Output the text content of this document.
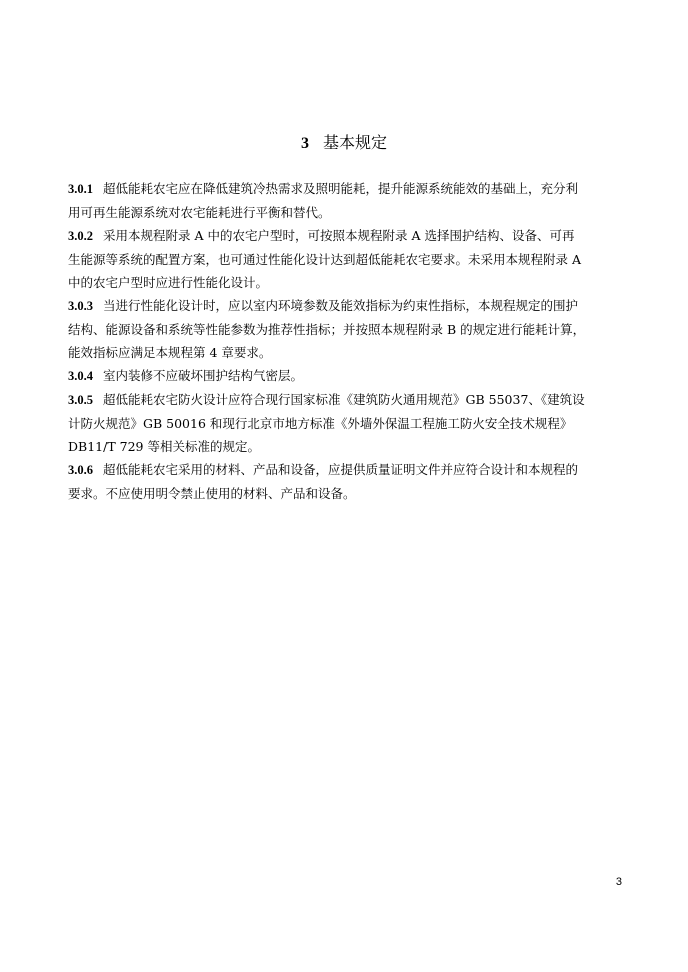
3 基本规定
3.0.1 超低能耗农宅应在降低建筑冷热需求及照明能耗，提升能源系统能效的基础上，充分利
用可再生能源系统对农宅能耗进行平衡和替代。
3.0.2 采用本规程附录 A 中的农宅户型时，可按照本规程附录 A 选择围护结构、设备、可再
生能源等系统的配置方案，也可通过性能化设计达到超低能耗农宅要求。未采用本规程附录 A
中的农宅户型时应进行性能化设计。
3.0.3 当进行性能化设计时，应以室内环境参数及能效指标为约束性指标，本规程规定的围护
结构、能源设备和系统等性能参数为推荐性指标；并按照本规程附录 B 的规定进行能耗计算，
能效指标应满足本规程第 4 章要求。
3.0.4 室内装修不应破坏围护结构气密层。
3.0.5 超低能耗农宅防火设计应符合现行国家标准《建筑防火通用规范》GB 55037、《建筑设
计防火规范》GB 50016 和现行北京市地方标准《外墙外保温工程施工防火安全技术规程》
DB11/T 729 等相关标准的规定。
3.0.6 超低能耗农宅采用的材料、产品和设备，应提供质量证明文件并应符合设计和本规程的
要求。不应使用明令禁止使用的材料、产品和设备。
3
